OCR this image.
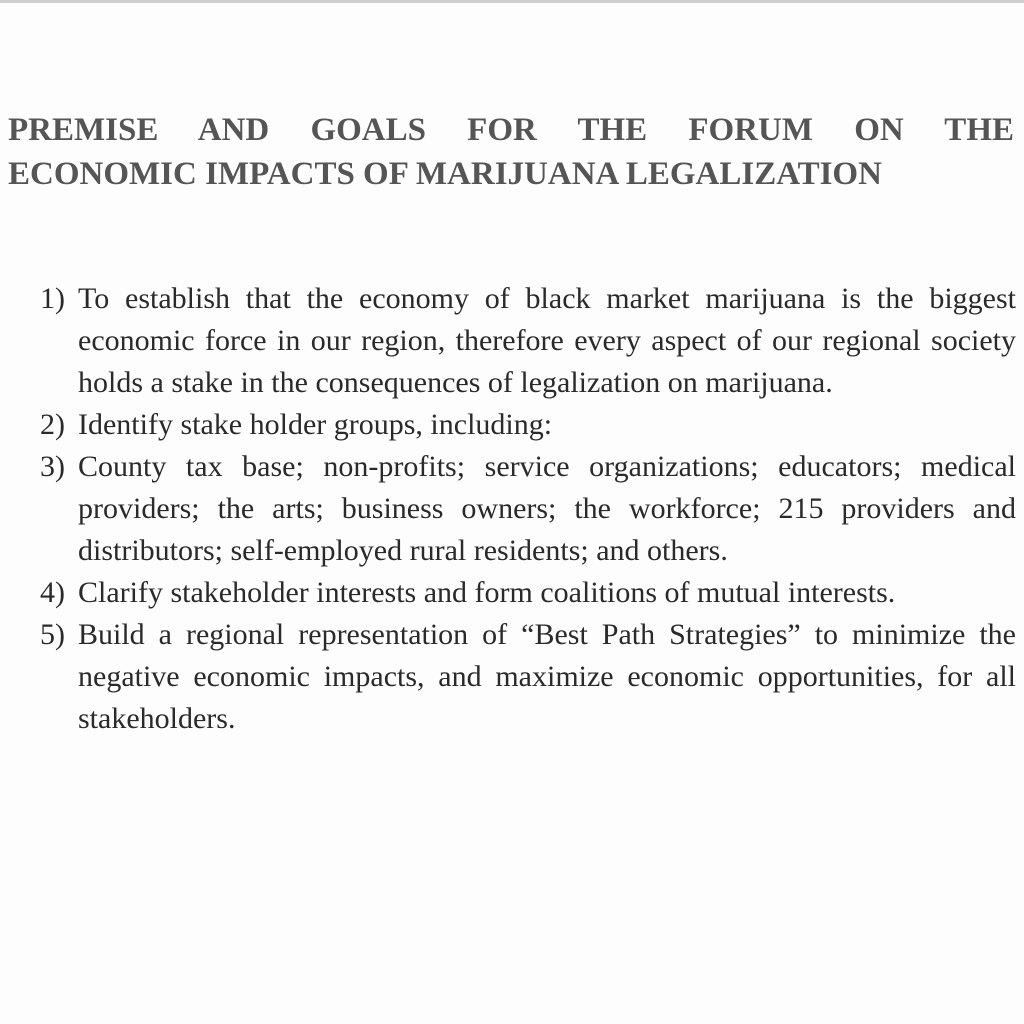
PREMISE AND GOALS FOR THE FORUM ON THE
ECONOMIC IMPACTS OF MARIJUANA LEGALIZATION
1) To establish that the economy of black market marijuana is the biggest economic force in our region, therefore every aspect of our regional society holds a stake in the consequences of legalization on marijuana.
2) Identify stake holder groups, including:
3) County tax base; non-profits; service organizations; educators; medical providers; the arts; business owners; the workforce; 215 providers and distributors; self-employed rural residents; and others.
4) Clarify stakeholder interests and form coalitions of mutual interests.
5) Build a regional representation of “Best Path Strategies” to minimize the negative economic impacts, and maximize economic opportunities, for all stakeholders.
